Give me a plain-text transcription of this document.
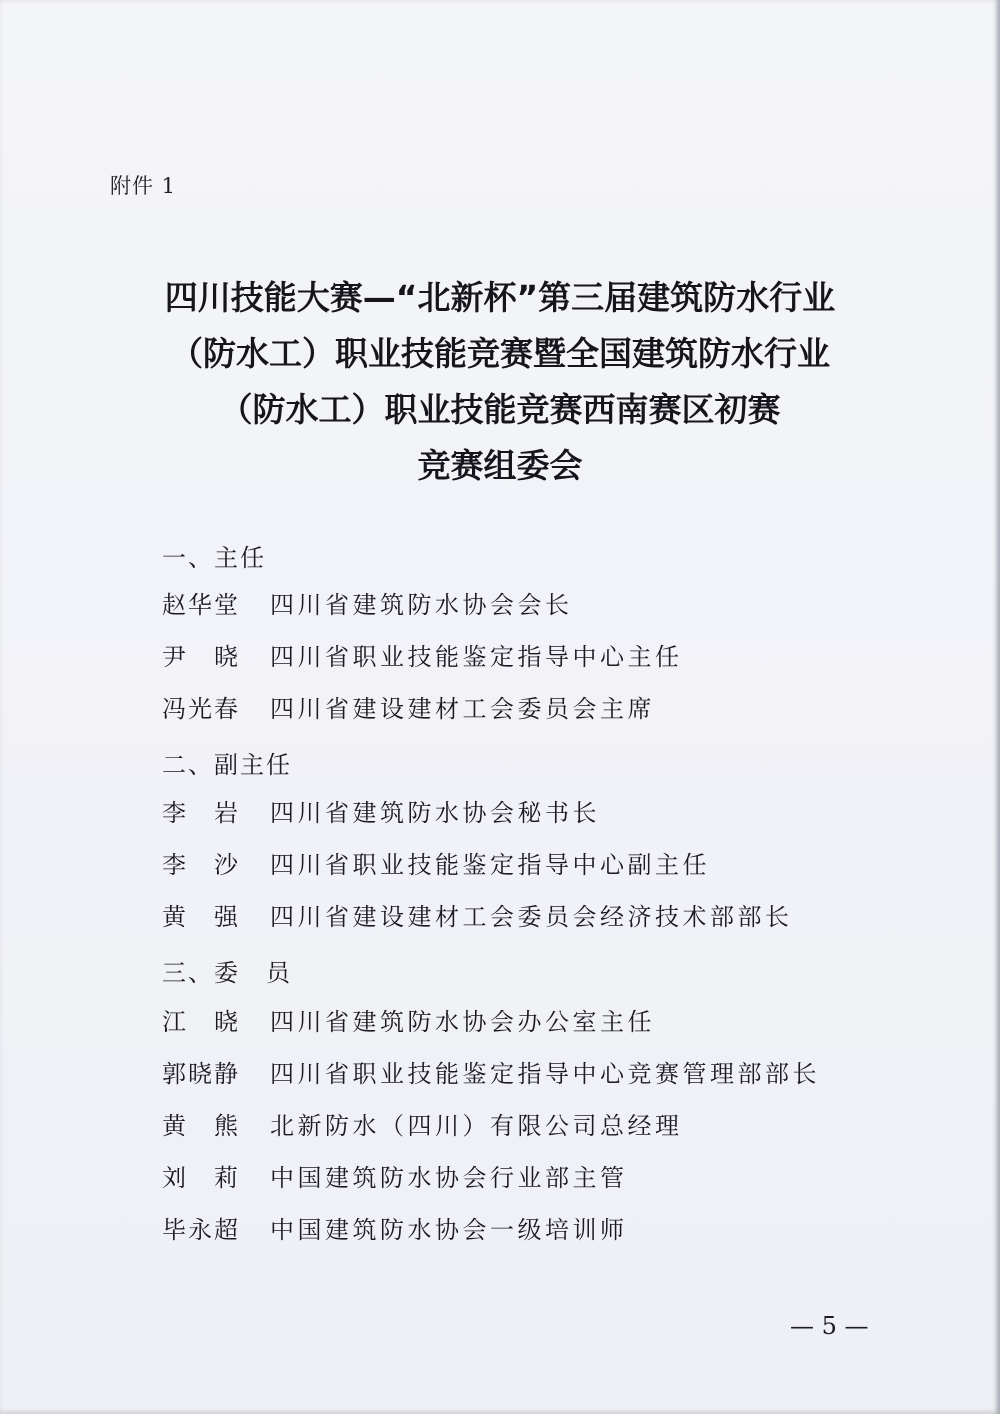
附件 1
四川技能大赛—“北新杯”第三届建筑防水行业
（防水工）职业技能竞赛暨全国建筑防水行业
（防水工）职业技能竞赛西南赛区初赛
竞赛组委会
一、主任
赵华堂 四川省建筑防水协会会长
尹　晓 四川省职业技能鉴定指导中心主任
冯光春 四川省建设建材工会委员会主席
二、副主任
李　岩 四川省建筑防水协会秘书长
李　沙 四川省职业技能鉴定指导中心副主任
黄　强 四川省建设建材工会委员会经济技术部部长
三、委　员
江　晓 四川省建筑防水协会办公室主任
郭晓静 四川省职业技能鉴定指导中心竞赛管理部部长
黄　熊 北新防水（四川）有限公司总经理
刘　莉 中国建筑防水协会行业部主管
毕永超 中国建筑防水协会一级培训师
— 5 —
